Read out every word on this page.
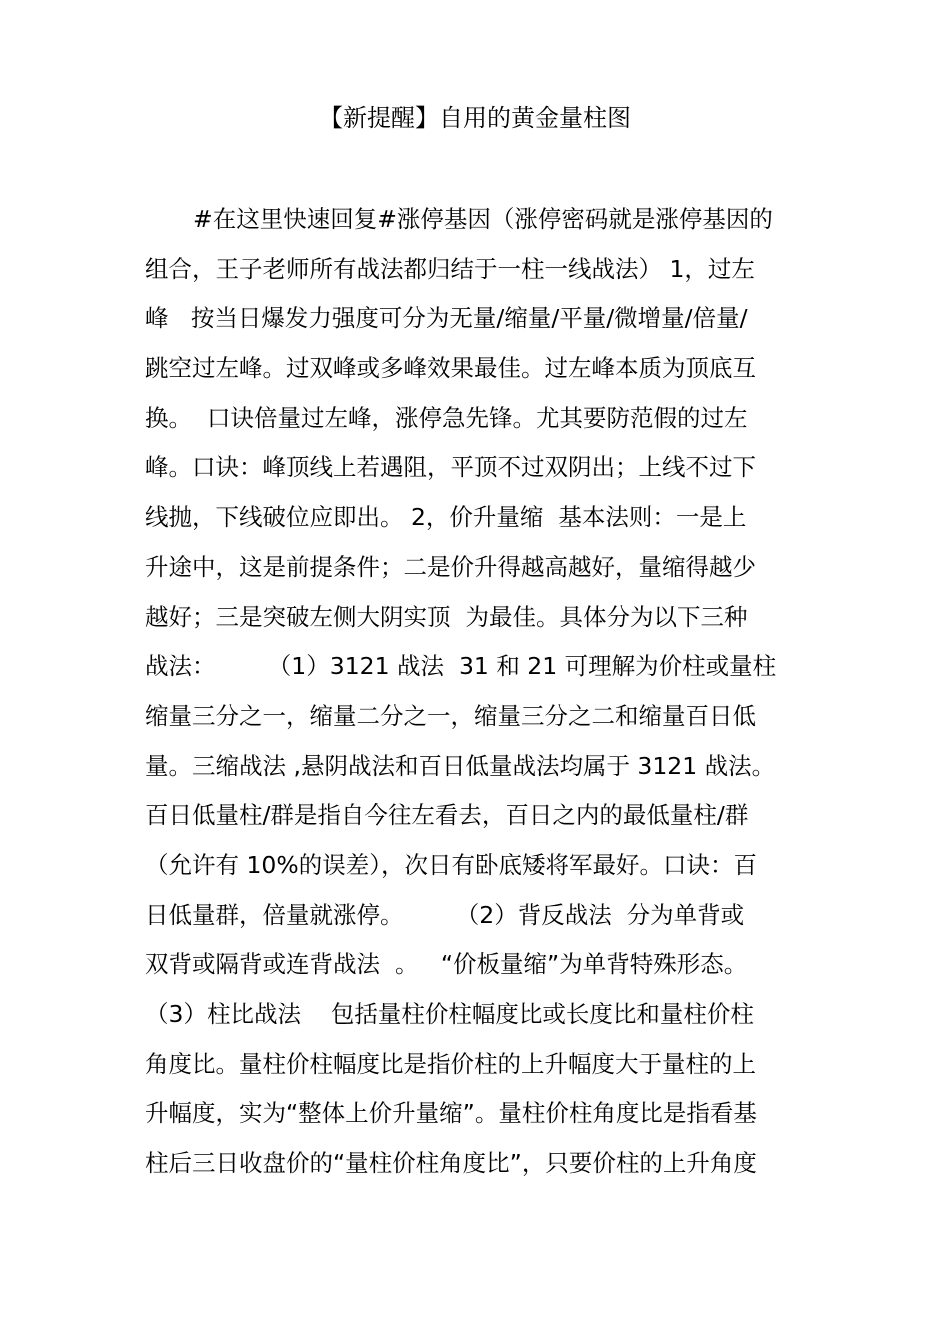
【新提醒】自用的黄金量柱图
#在这里快速回复#涨停基因（涨停密码就是涨停基因的
组合，王子老师所有战法都归结于一柱一线战法） 1，过左
峰   按当日爆发力强度可分为无量/缩量/平量/微增量/倍量/
跳空过左峰。过双峰或多峰效果最佳。过左峰本质为顶底互
换。  口诀倍量过左峰，涨停急先锋。尤其要防范假的过左
峰。口诀：峰顶线上若遇阻，平顶不过双阴出；上线不过下
线抛，下线破位应即出。 2，价升量缩  基本法则：一是上
升途中，这是前提条件；二是价升得越高越好，量缩得越少
越好；三是突破左侧大阴实顶  为最佳。具体分为以下三种
战法：       （1）3121 战法  31 和 21 可理解为价柱或量柱
缩量三分之一，缩量二分之一，缩量三分之二和缩量百日低
量。三缩战法 ,悬阴战法和百日低量战法均属于 3121 战法。
百日低量柱/群是指自今往左看去，百日之内的最低量柱/群
（允许有 10%的误差），次日有卧底矮将军最好。口诀：百
日低量群，倍量就涨停。       （2）背反战法  分为单背或
双背或隔背或连背战法  。   “价板量缩”为单背特殊形态。
（3）柱比战法    包括量柱价柱幅度比或长度比和量柱价柱
角度比。量柱价柱幅度比是指价柱的上升幅度大于量柱的上
升幅度，实为“整体上价升量缩”。量柱价柱角度比是指看基
柱后三日收盘价的“量柱价柱角度比”，只要价柱的上升角度
